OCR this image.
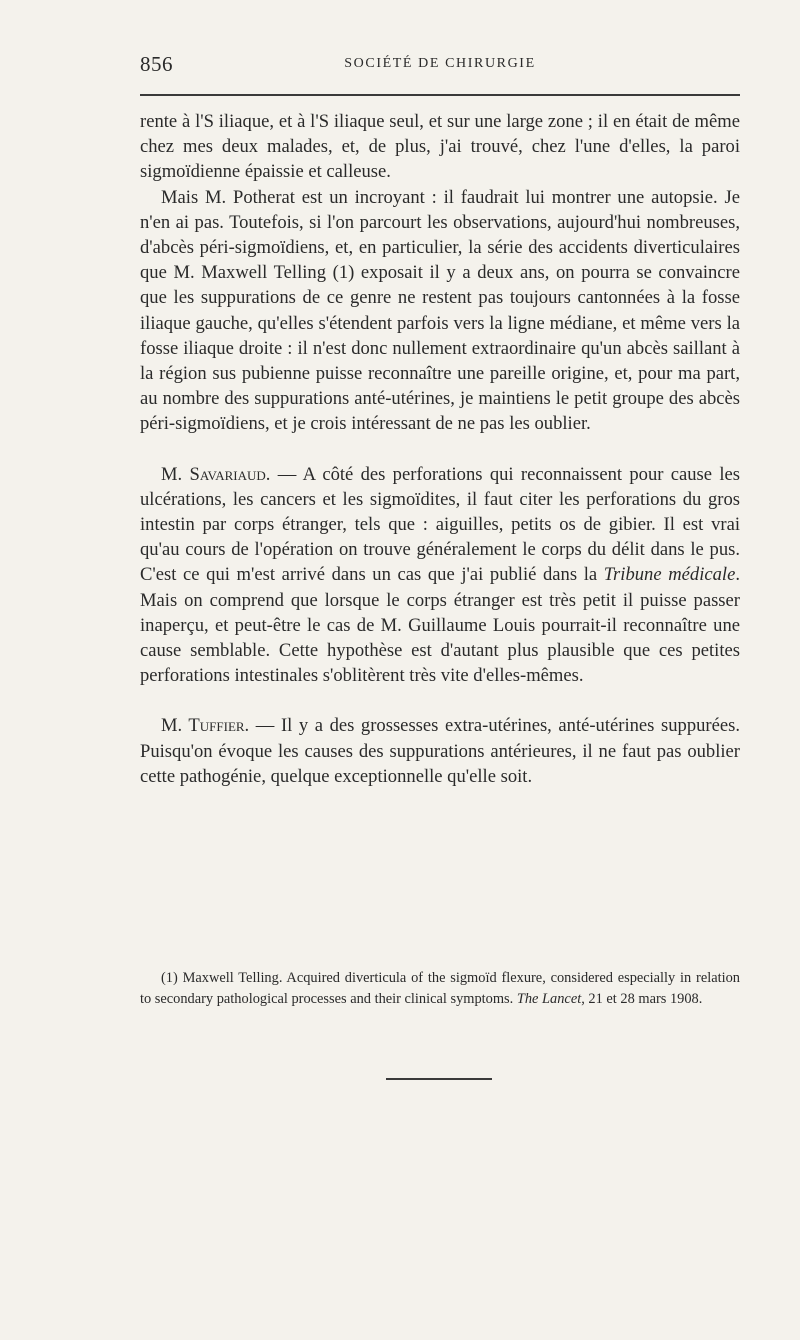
856	SOCIÉTÉ DE CHIRURGIE

rente à l'S iliaque, et à l'S iliaque seul, et sur une large zone ; il en était de même chez mes deux malades, et, de plus, j'ai trouvé, chez l'une d'elles, la paroi sigmoïdienne épaissie et calleuse.

Mais M. Potherat est un incroyant : il faudrait lui montrer une autopsie. Je n'en ai pas. Toutefois, si l'on parcourt les observations, aujourd'hui nombreuses, d'abcès péri-sigmoïdiens, et, en particulier, la série des accidents diverticulaires que M. Maxwell Telling (1) exposait il y a deux ans, on pourra se convaincre que les suppurations de ce genre ne restent pas toujours cantonnées à la fosse iliaque gauche, qu'elles s'étendent parfois vers la ligne médiane, et même vers la fosse iliaque droite : il n'est donc nullement extraordinaire qu'un abcès saillant à la région sus pubienne puisse reconnaître une pareille origine, et, pour ma part, au nombre des suppurations anté-utérines, je maintiens le petit groupe des abcès péri-sigmoïdiens, et je crois intéressant de ne pas les oublier.

M. Savariaud. — A côté des perforations qui reconnaissent pour cause les ulcérations, les cancers et les sigmoïdites, il faut citer les perforations du gros intestin par corps étranger, tels que : aiguilles, petits os de gibier. Il est vrai qu'au cours de l'opération on trouve généralement le corps du délit dans le pus. C'est ce qui m'est arrivé dans un cas que j'ai publié dans la Tribune médicale. Mais on comprend que lorsque le corps étranger est très petit il puisse passer inaperçu, et peut-être le cas de M. Guillaume Louis pourrait-il reconnaître une cause semblable. Cette hypothèse est d'autant plus plausible que ces petites perforations intestinales s'oblitèrent très vite d'elles-mêmes.

M. Tuffier. — Il y a des grossesses extra-utérines, anté-utérines suppurées. Puisqu'on évoque les causes des suppurations antérieures, il ne faut pas oublier cette pathogénie, quelque exceptionnelle qu'elle soit.

(1) Maxwell Telling. Acquired diverticula of the sigmoïd flexure, considered especially in relation to secondary pathological processes and their clinical symptoms. The Lancet, 21 et 28 mars 1908.
